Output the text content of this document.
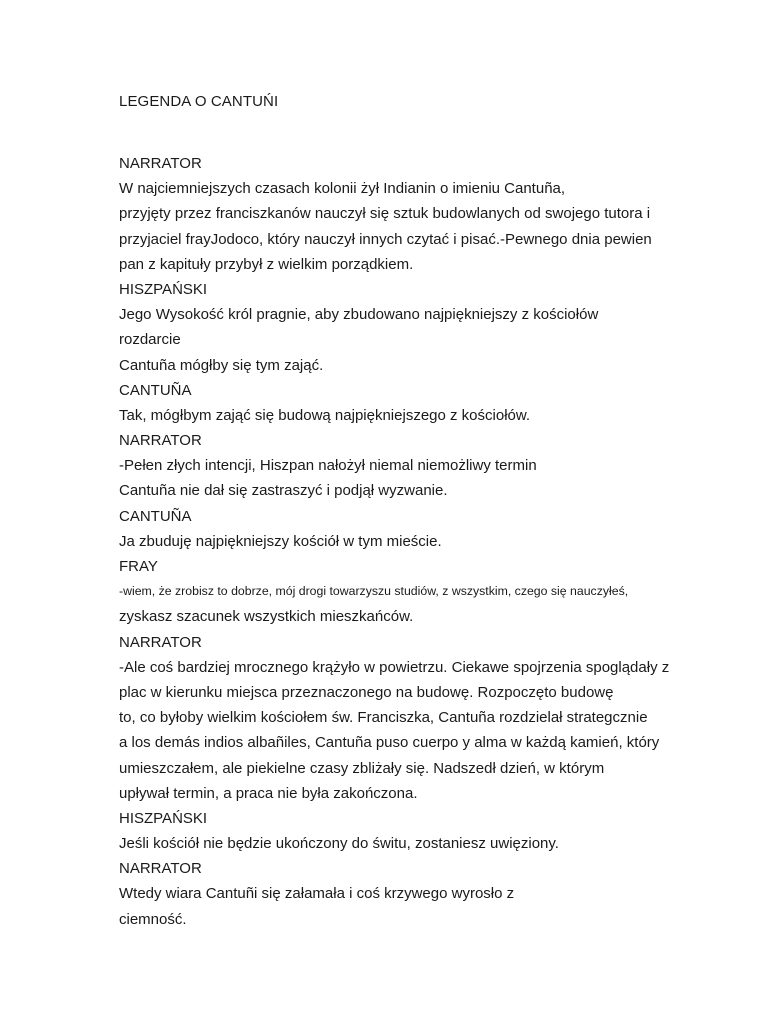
LEGENDA O CANTUŃI
NARRATOR
W najciemniejszych czasach kolonii żył Indianin o imieniu Cantuña,
przyjęty przez franciszkanów nauczył się sztuk budowlanych od swojego tutora i
przyjaciel frayJodoco, który nauczył innych czytać i pisać.-Pewnego dnia pewien
pan z kapituły przybył z wielkim porządkiem.
HISZPAŃSKI
Jego Wysokość król pragnie, aby zbudowano najpiękniejszy z kościołów
rozdarcie
Cantuña mógłby się tym zająć.
CANTUÑA
Tak, mógłbym zająć się budową najpiękniejszego z kościołów.
NARRATOR
-Pełen złych intencji, Hiszpan nałożył niemal niemożliwy termin
Cantuña nie dał się zastraszyć i podjął wyzwanie.
CANTUÑA
Ja zbuduję najpiękniejszy kościół w tym mieście.
FRAY
-wiem, że zrobisz to dobrze, mój drogi towarzyszu studiów, z wszystkim, czego się nauczyłeś,
zyskasz szacunek wszystkich mieszkańców.
NARRATOR
-Ale coś bardziej mrocznego krążyło w powietrzu. Ciekawe spojrzenia spoglądały z
plac w kierunku miejsca przeznaczonego na budowę. Rozpoczęto budowę
to, co byłoby wielkim kościołem św. Franciszka, Cantuña rozdzielał strategcznie
a los demás indios albañiles, Cantuña puso cuerpo y alma w każdą kamień, który
umieszczałem, ale piekielne czasy zbliżały się. Nadszedł dzień, w którym
upływał termin, a praca nie była zakończona.
HISZPAŃSKI
Jeśli kościół nie będzie ukończony do świtu, zostaniesz uwięziony.
NARRATOR
Wtedy wiara Cantuñi się załamała i coś krzywego wyrosło z
ciemność.
